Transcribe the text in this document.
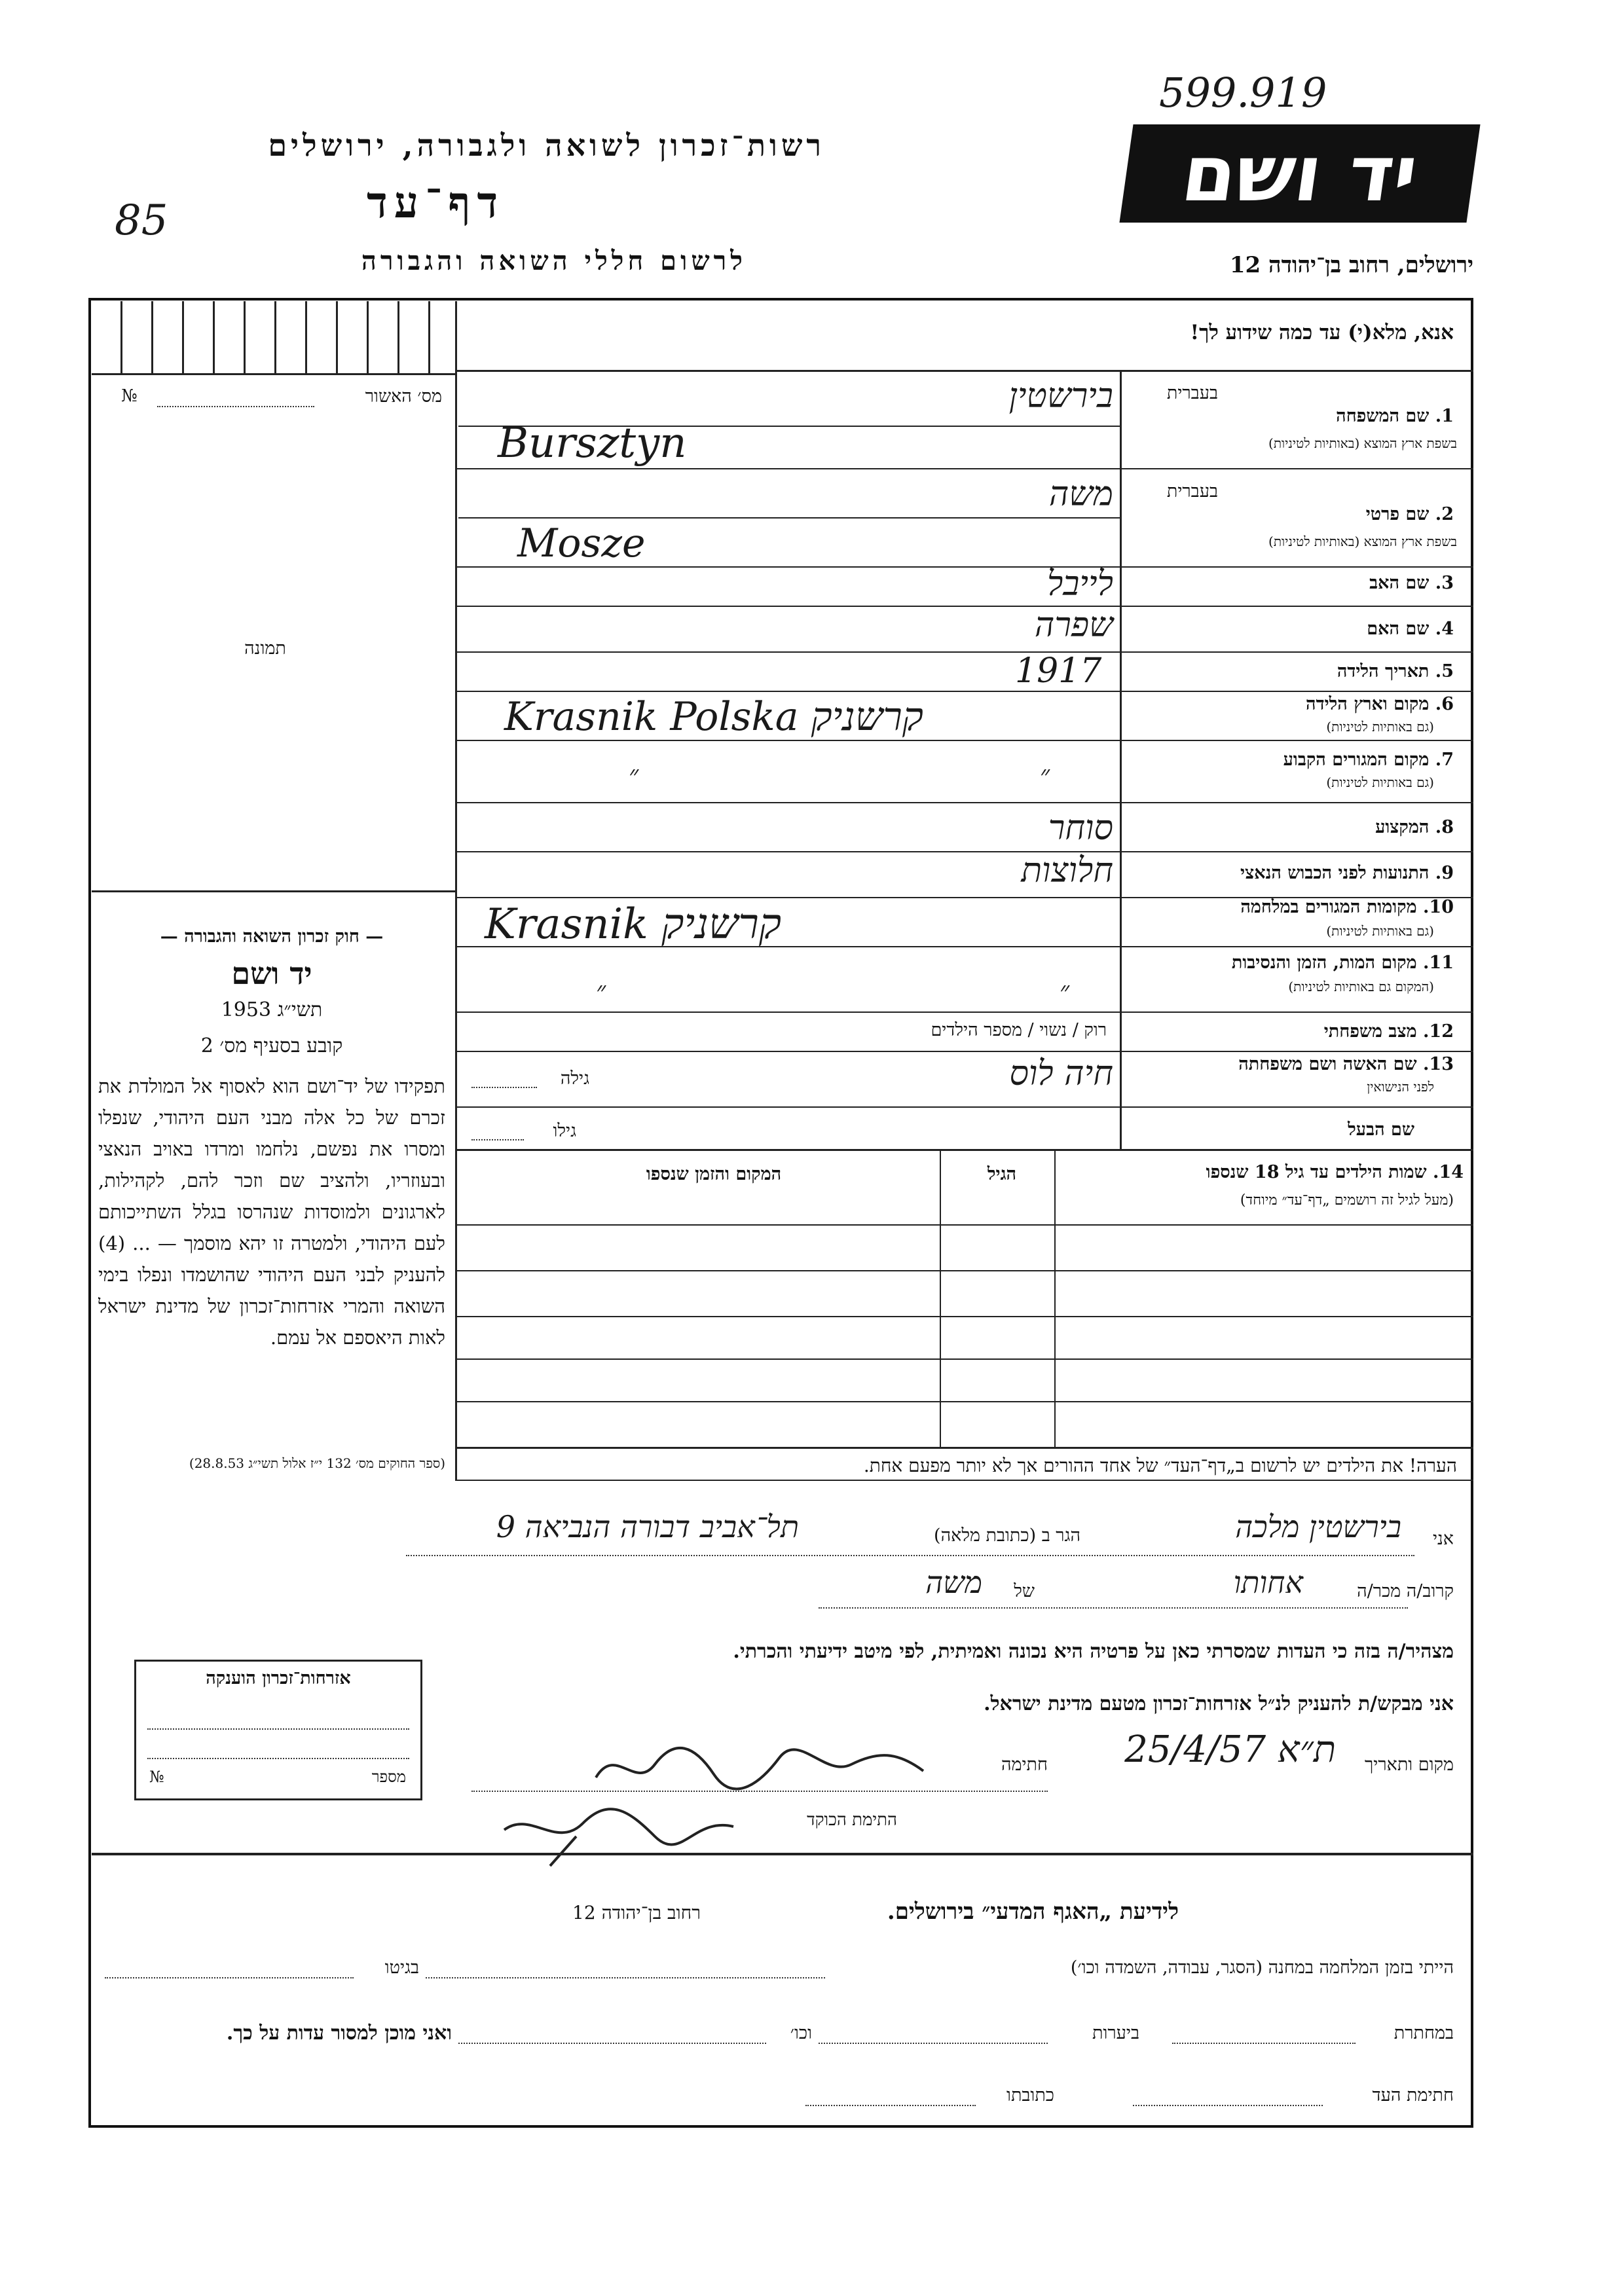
599.919
רשות־זכרון לשואה ולגבורה, ירושלים	יד ושם
דף־עד
85
לרשום חללי השואה והגבורה	ירושלים, רחוב בן־יהודה 12
אנא, מלא(י) עד כמה שידוע לך!
מס׳ האשור
№
תמונה
1. שם המשפחה
בעברית
בשפת ארץ המוצא (באותיות לטיניות)
בירשטין
Bursztyn
2. שם פרטי
בעברית
בשפת ארץ המוצא (באותיות לטיניות)
משה
Mosze
3. שם האב
לייבל
4. שם האם
שפרה
5. תאריך הלידה
1917
6. מקום וארץ הלידה
(גם באותיות לטיניות)
Krasnik Polska קרשניק
7. מקום המגורים הקבוע
(גם באותיות לטיניות)
״ ״
8. המקצוע
סוחר
9. התנועות לפני הכבוש הנאצי
חלוצות
10. מקומות המגורים במלחמה
(גם באותיות לטיניות)
Krasnik קרשניק
11. מקום המות, הזמן והנסיבות
(המקום גם באותיות לטיניות)
״ ״
12. מצב משפחתי
רוק / נשוי / מספר הילדים
13. שם האשה ושם משפחתה
לפני הנישואין
חיה לוס
גילה
שם הבעל
גילו
14. שמות הילדים עד גיל 18 שנספו
(מעל לגיל זה רושמים „דף־עד״ מיוחד)
הגיל
המקום והזמן שנספו
הערה! את הילדים יש לרשום ב„דף־העד״ של אחד ההורים אך לא יותר מפעם אחת.
— חוק זכרון השואה והגבורה —
יד ושם
תשי״ג 1953
קובע בסעיף מס׳ 2
תפקידו של יד־ושם הוא לאסוף אל המולדת את זכרם של כל אלה מבני העם היהודי, שנפלו ומסרו את נפשם, נלחמו ומרדו באויב הנאצי ובעוזריו, ולהציב שם וזכר להם, לקהילות, לארגונים ולמוסדות שנהרסו בגלל השתייכותם לעם היהודי, ולמטרה זו יהא מוסמך — ... (4) להעניק לבני העם היהודי שהושמדו ונפלו בימי השואה והמרי אזרחות־זכרון של מדינת ישראל לאות היאספם אל עמם.
(ספר החוקים מס׳ 132 י״ז אלול תשי״ג 28.8.53)
אני
בירשטין מלכה
הגר ב (כתובת מלאה)
תל־אביב דבורה הנביאה 9
קרוב/ה מכר/ה
אחותו
של
משה
מצהיר/ה בזה כי העדות שמסרתי כאן על פרטיה היא נכונה ואמיתית, לפי מיטב ידיעתי והכרתי.
אני מבקש/ת להעניק לנ״ל אזרחות־זכרון מטעם מדינת ישראל.
מקום ותאריך
ת״א 25/4/57
חתימה
התימת הכוקד
אזרחות־זכרון הוענקה
מספר
№
לידיעת „האגף המדעי״ בירושלים.
רחוב בן־יהודה 12
הייתי בזמן המלחמה במחנה (הסגר, עבודה, השמדה וכו׳)
בגיטו
במחתרת
ביערות
וכו׳
ואני מוכן למסור עדות על כך.
חתימת העד
כתובתו
